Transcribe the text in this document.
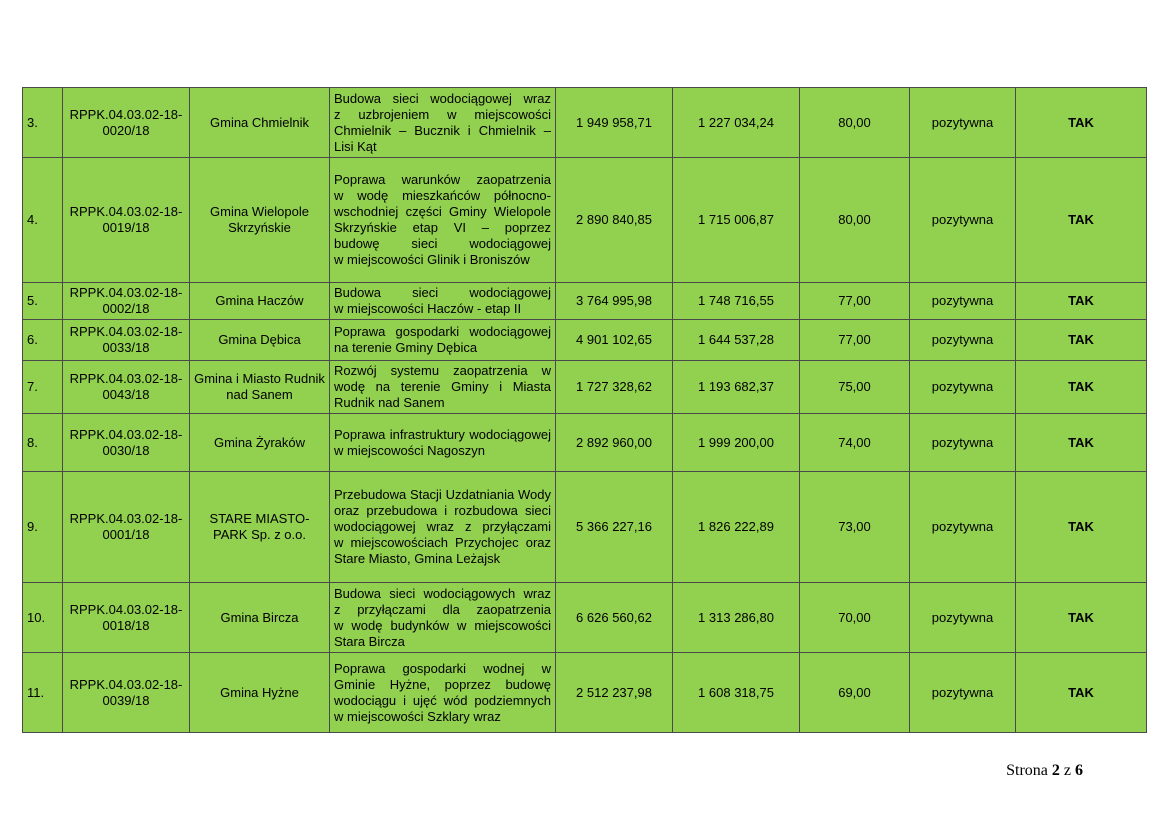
3.	RPPK.04.03.02-18-0020/18	Gmina Chmielnik	Budowa sieci wodociągowej wraz z uzbrojeniem w miejscowości Chmielnik – Bucznik i Chmielnik – Lisi Kąt	1 949 958,71	1 227 034,24	80,00	pozytywna	TAK
4.	RPPK.04.03.02-18-0019/18	Gmina Wielopole Skrzyńskie	Poprawa warunków zaopatrzenia w wodę mieszkańców północno-wschodniej części Gminy Wielopole Skrzyńskie etap VI – poprzez budowę sieci wodociągowej w miejscowości Glinik i Broniszów	2 890 840,85	1 715 006,87	80,00	pozytywna	TAK
5.	RPPK.04.03.02-18-0002/18	Gmina Haczów	Budowa sieci wodociągowej w miejscowości Haczów - etap II	3 764 995,98	1 748 716,55	77,00	pozytywna	TAK
6.	RPPK.04.03.02-18-0033/18	Gmina Dębica	Poprawa gospodarki wodociągowej na terenie Gminy Dębica	4 901 102,65	1 644 537,28	77,00	pozytywna	TAK
7.	RPPK.04.03.02-18-0043/18	Gmina i Miasto Rudnik nad Sanem	Rozwój systemu zaopatrzenia w wodę na terenie Gminy i Miasta Rudnik nad Sanem	1 727 328,62	1 193 682,37	75,00	pozytywna	TAK
8.	RPPK.04.03.02-18-0030/18	Gmina Żyraków	Poprawa infrastruktury wodociągowej w miejscowości Nagoszyn	2 892 960,00	1 999 200,00	74,00	pozytywna	TAK
9.	RPPK.04.03.02-18-0001/18	STARE MIASTO-PARK Sp. z o.o.	Przebudowa Stacji Uzdatniania Wody oraz przebudowa i rozbudowa sieci wodociągowej wraz z przyłączami w miejscowościach Przychojec oraz Stare Miasto, Gmina Leżajsk	5 366 227,16	1 826 222,89	73,00	pozytywna	TAK
10.	RPPK.04.03.02-18-0018/18	Gmina Bircza	Budowa sieci wodociągowych wraz z przyłączami dla zaopatrzenia w wodę budynków w miejscowości Stara Bircza	6 626 560,62	1 313 286,80	70,00	pozytywna	TAK
11.	RPPK.04.03.02-18-0039/18	Gmina Hyżne	Poprawa gospodarki wodnej w Gminie Hyżne, poprzez budowę wodociągu i ujęć wód podziemnych w miejscowości Szklary wraz	2 512 237,98	1 608 318,75	69,00	pozytywna	TAK
Strona 2 z 6
